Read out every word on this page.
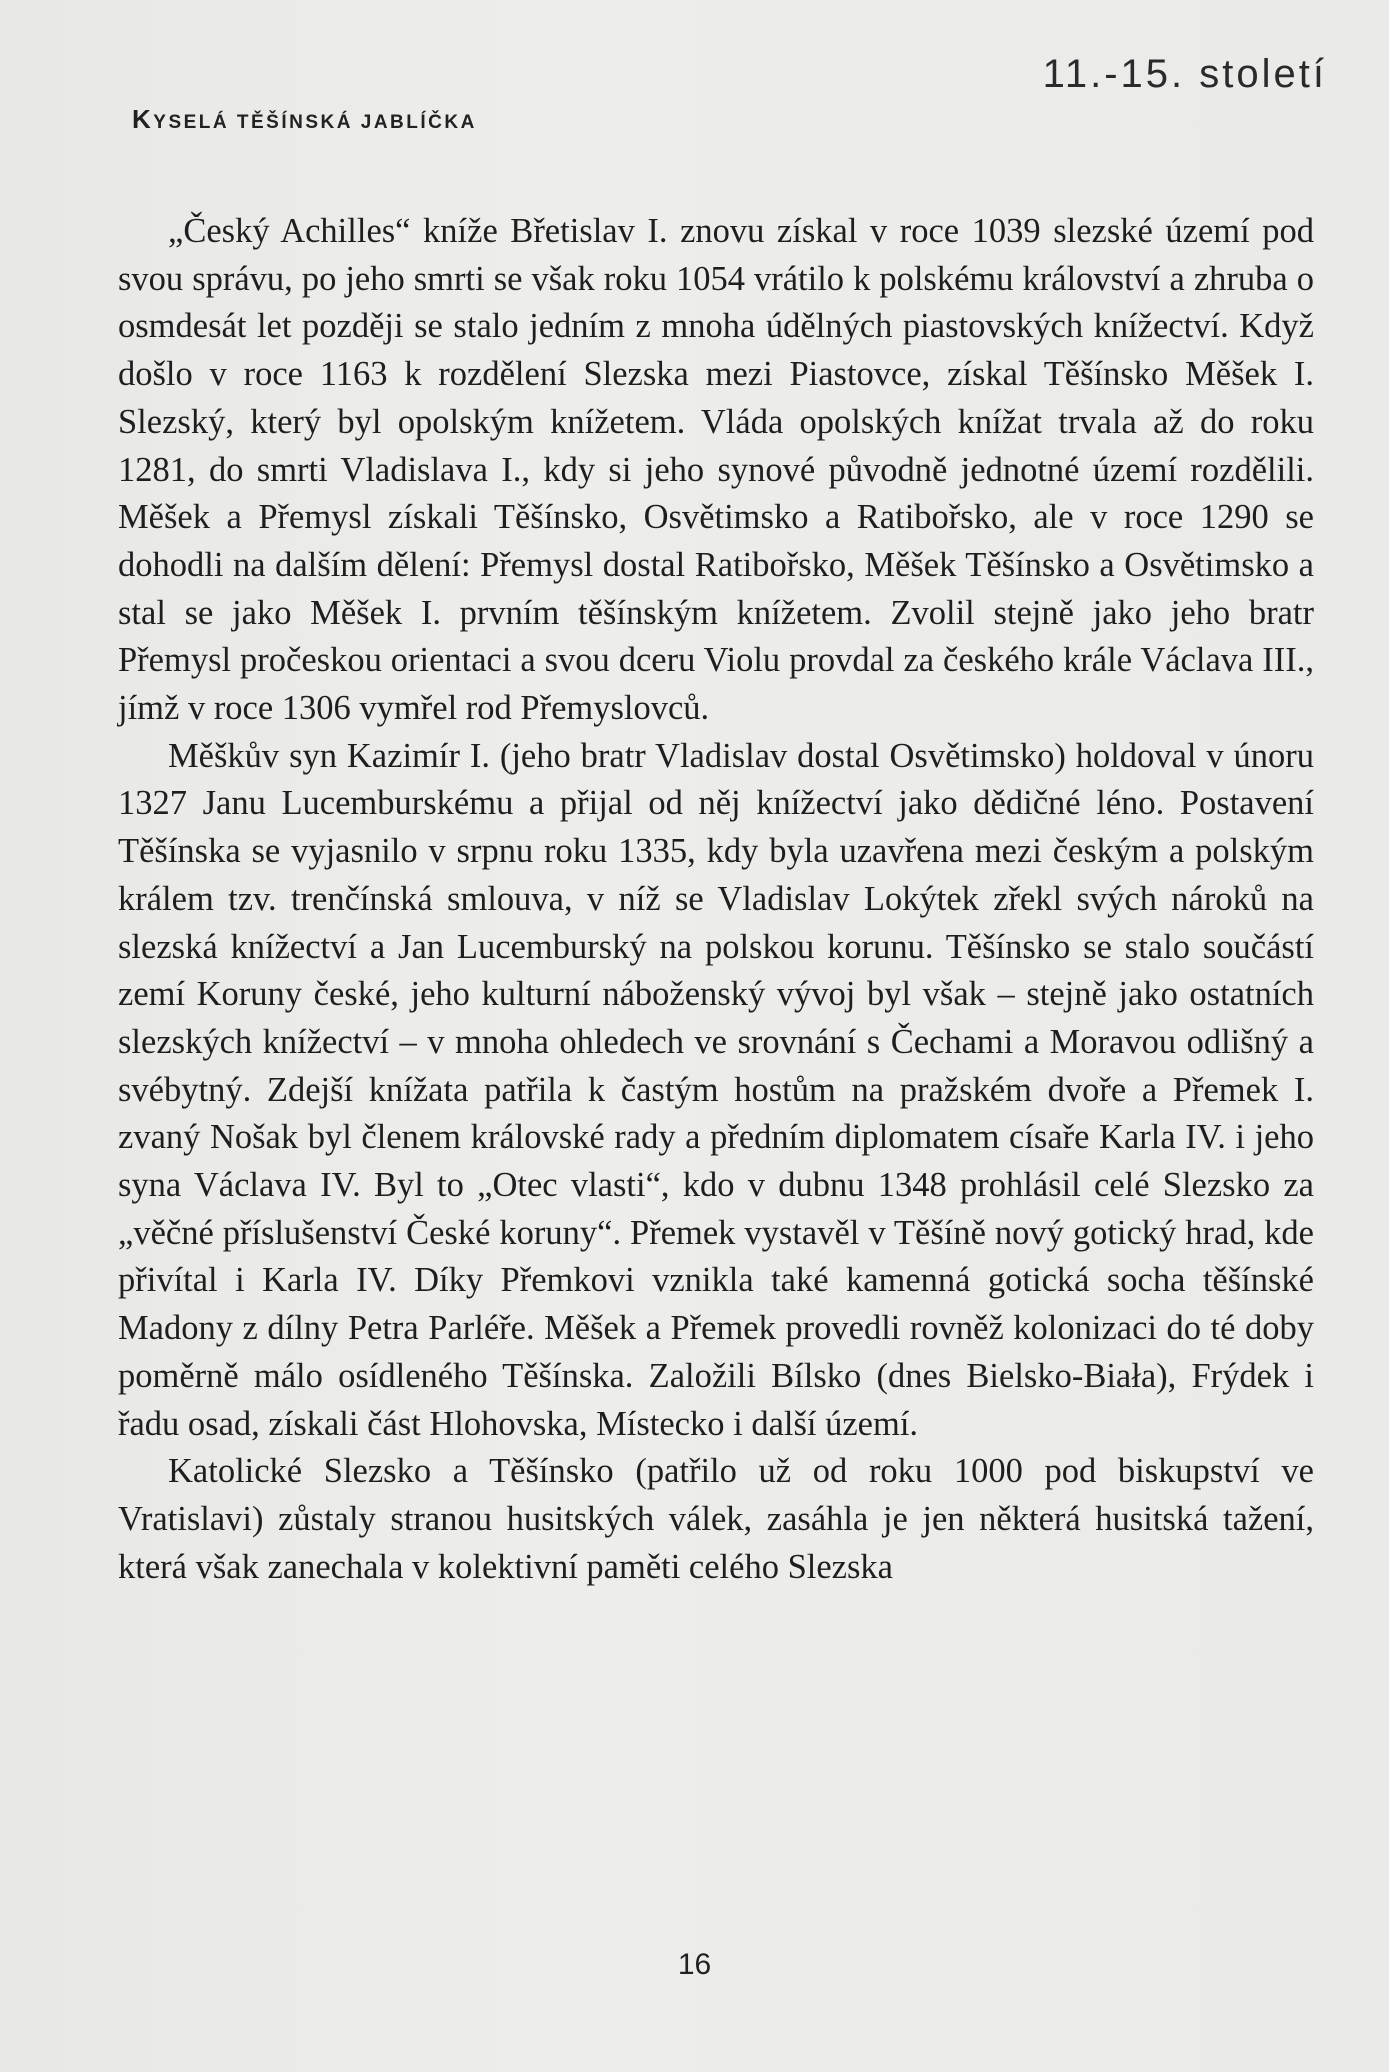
KYSELÁ TĚŠÍNSKÁ JABLÍČKA
11.-15. století

„Český Achilles“ kníže Břetislav I. znovu získal v roce 1039 slezské území pod svou správu, po jeho smrti se však roku 1054 vrátilo k polskému království a zhruba o osmdesát let později se stalo jedním z mnoha údělných piastovských knížectví. Když došlo v roce 1163 k rozdělení Slezska mezi Piastovce, získal Těšínsko Měšek I. Slezský, který byl opolským knížetem. Vláda opolských knížat trvala až do roku 1281, do smrti Vladislava I., kdy si jeho synové původně jednotné území rozdělili. Měšek a Přemysl získali Těšínsko, Osvětimsko a Ratibořsko, ale v roce 1290 se dohodli na dalším dělení: Přemysl dostal Ratibořsko, Měšek Těšínsko a Osvětimsko a stal se jako Měšek I. prvním těšínským knížetem. Zvolil stejně jako jeho bratr Přemysl pročeskou orientaci a svou dceru Violu provdal za českého krále Václava III., jímž v roce 1306 vymřel rod Přemyslovců.

Měškův syn Kazimír I. (jeho bratr Vladislav dostal Osvětimsko) holdoval v únoru 1327 Janu Lucemburskému a přijal od něj knížectví jako dědičné léno. Postavení Těšínska se vyjasnilo v srpnu roku 1335, kdy byla uzavřena mezi českým a polským králem tzv. trenčínská smlouva, v níž se Vladislav Lokýtek zřekl svých nároků na slezská knížectví a Jan Lucemburský na polskou korunu. Těšínsko se stalo součástí zemí Koruny české, jeho kulturní náboženský vývoj byl však – stejně jako ostatních slezských knížectví – v mnoha ohledech ve srovnání s Čechami a Moravou odlišný a svébytný. Zdejší knížata patřila k častým hostům na pražském dvoře a Přemek I. zvaný Nošak byl členem královské rady a předním diplomatem císaře Karla IV. i jeho syna Václava IV. Byl to „Otec vlasti“, kdo v dubnu 1348 prohlásil celé Slezsko za „věčné příslušenství České koruny“. Přemek vystavěl v Těšíně nový gotický hrad, kde přivítal i Karla IV. Díky Přemkovi vznikla také kamenná gotická socha těšínské Madony z dílny Petra Parléře. Měšek a Přemek provedli rovněž kolonizaci do té doby poměrně málo osídleného Těšínska. Založili Bílsko (dnes Bielsko-Biała), Frýdek i řadu osad, získali část Hlohovska, Místecko i další území.

Katolické Slezsko a Těšínsko (patřilo už od roku 1000 pod biskupství ve Vratislavi) zůstaly stranou husitských válek, zasáhla je jen některá husitská tažení, která však zanechala v kolektivní paměti celého Slezska

16
